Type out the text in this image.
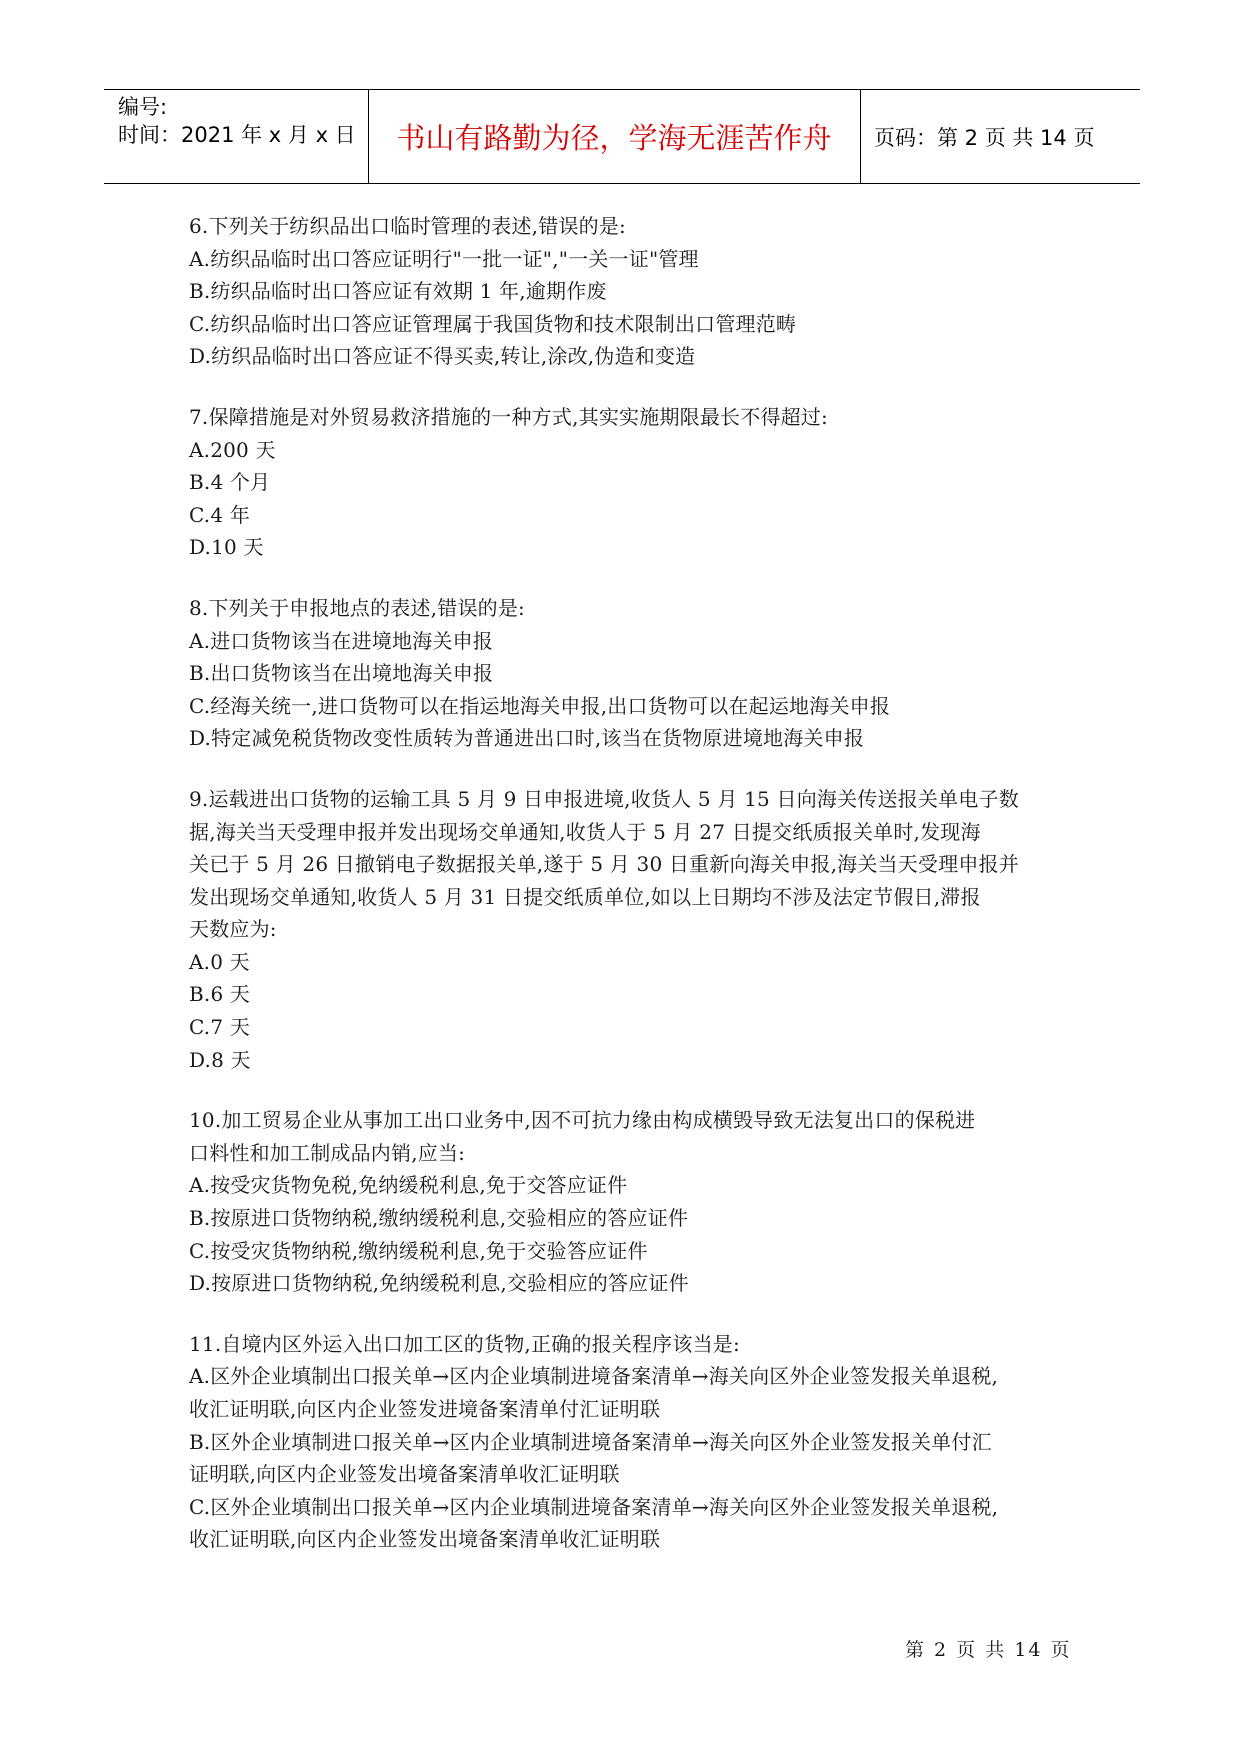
编号:
时间：2021 年 x 月 x 日	书山有路勤为径，学海无涯苦作舟	页码：第 2 页 共 14 页
6.下列关于纺织品出口临时管理的表述,错误的是:
A.纺织品临时出口答应证明行"一批一证","一关一证"管理
B.纺织品临时出口答应证有效期 1 年,逾期作废
C.纺织品临时出口答应证管理属于我国货物和技术限制出口管理范畴
D.纺织品临时出口答应证不得买卖,转让,涂改,伪造和变造
7.保障措施是对外贸易救济措施的一种方式,其实实施期限最长不得超过:
A.200 天
B.4 个月
C.4 年
D.10 天
8.下列关于申报地点的表述,错误的是:
A.进口货物该当在进境地海关申报
B.出口货物该当在出境地海关申报
C.经海关统一,进口货物可以在指运地海关申报,出口货物可以在起运地海关申报
D.特定减免税货物改变性质转为普通进出口时,该当在货物原进境地海关申报
9.运载进出口货物的运输工具 5 月 9 日申报进境,收货人 5 月 15 日向海关传送报关单电子数
据,海关当天受理申报并发出现场交单通知,收货人于 5 月 27 日提交纸质报关单时,发现海
关已于 5 月 26 日撤销电子数据报关单,遂于 5 月 30 日重新向海关申报,海关当天受理申报并
发出现场交单通知,收货人 5 月 31 日提交纸质单位,如以上日期均不涉及法定节假日,滞报
天数应为:
A.0 天
B.6 天
C.7 天
D.8 天
10.加工贸易企业从事加工出口业务中,因不可抗力缘由构成横毁导致无法复出口的保税进
口料性和加工制成品内销,应当:
A.按受灾货物免税,免纳缓税利息,免于交答应证件
B.按原进口货物纳税,缴纳缓税利息,交验相应的答应证件
C.按受灾货物纳税,缴纳缓税利息,免于交验答应证件
D.按原进口货物纳税,免纳缓税利息,交验相应的答应证件
11.自境内区外运入出口加工区的货物,正确的报关程序该当是:
A.区外企业填制出口报关单→区内企业填制进境备案清单→海关向区外企业签发报关单退税,
收汇证明联,向区内企业签发进境备案清单付汇证明联
B.区外企业填制进口报关单→区内企业填制进境备案清单→海关向区外企业签发报关单付汇
证明联,向区内企业签发出境备案清单收汇证明联
C.区外企业填制出口报关单→区内企业填制进境备案清单→海关向区外企业签发报关单退税,
收汇证明联,向区内企业签发出境备案清单收汇证明联
第 2 页 共 14 页
